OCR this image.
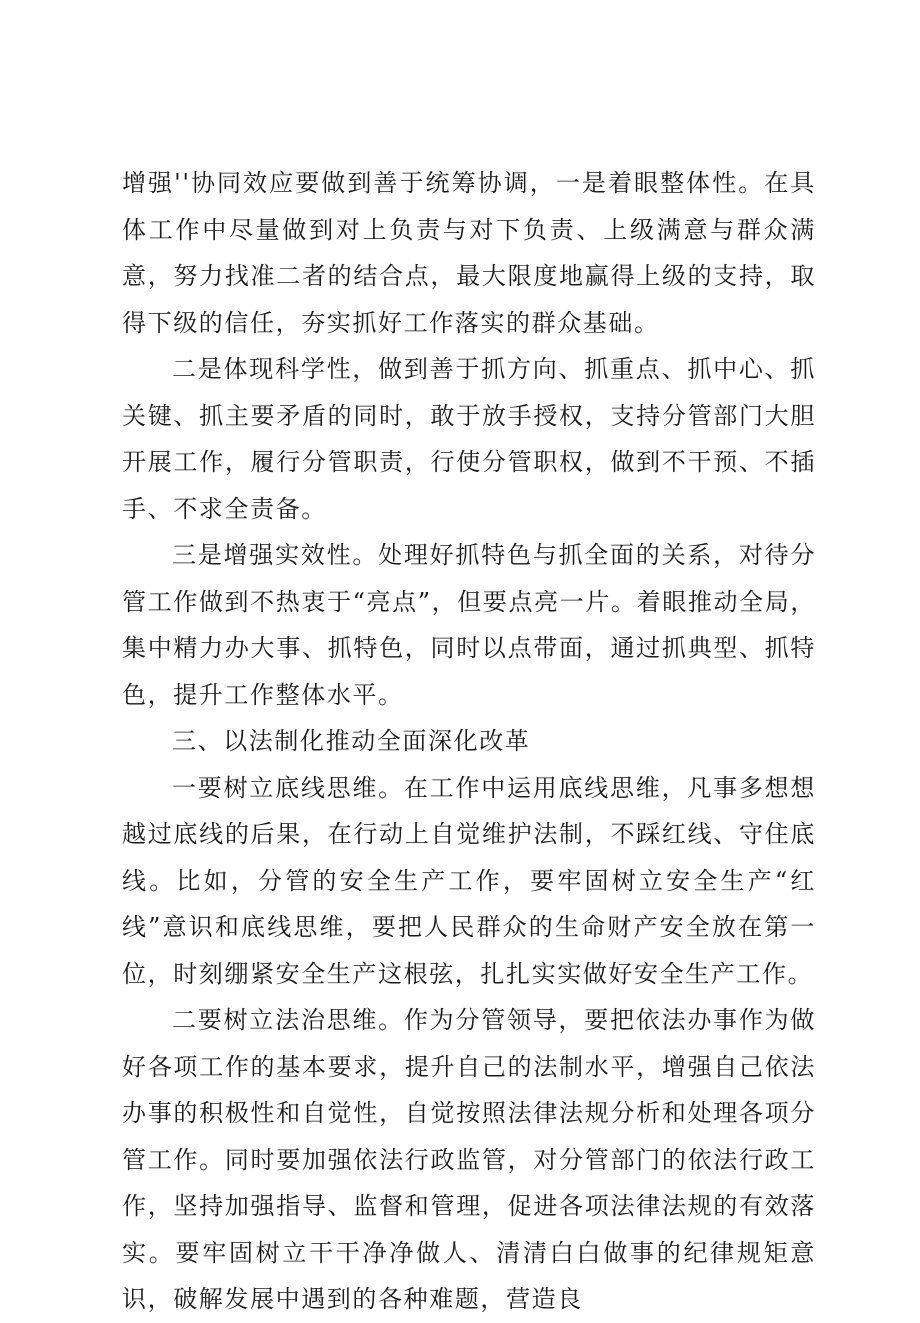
增强''协同效应要做到善于统筹协调，一是着眼整体性。在具体工作中尽量做到对上负责与对下负责、上级满意与群众满意，努力找准二者的结合点，最大限度地赢得上级的支持，取得下级的信任，夯实抓好工作落实的群众基础。

二是体现科学性，做到善于抓方向、抓重点、抓中心、抓关键、抓主要矛盾的同时，敢于放手授权，支持分管部门大胆开展工作，履行分管职责，行使分管职权，做到不干预、不插手、不求全责备。

三是增强实效性。处理好抓特色与抓全面的关系，对待分管工作做到不热衷于“亮点”，但要点亮一片。着眼推动全局，集中精力办大事、抓特色，同时以点带面，通过抓典型、抓特色，提升工作整体水平。

三、以法制化推动全面深化改革

一要树立底线思维。在工作中运用底线思维，凡事多想想越过底线的后果，在行动上自觉维护法制，不踩红线、守住底线。比如，分管的安全生产工作，要牢固树立安全生产“红线”意识和底线思维，要把人民群众的生命财产安全放在第一位，时刻绷紧安全生产这根弦，扎扎实实做好安全生产工作。

二要树立法治思维。作为分管领导，要把依法办事作为做好各项工作的基本要求，提升自己的法制水平，增强自己依法办事的积极性和自觉性，自觉按照法律法规分析和处理各项分管工作。同时要加强依法行政监管，对分管部门的依法行政工作，坚持加强指导、监督和管理，促进各项法律法规的有效落实。要牢固树立干干净净做人、清清白白做事的纪律规矩意识，破解发展中遇到的各种难题，营造良
